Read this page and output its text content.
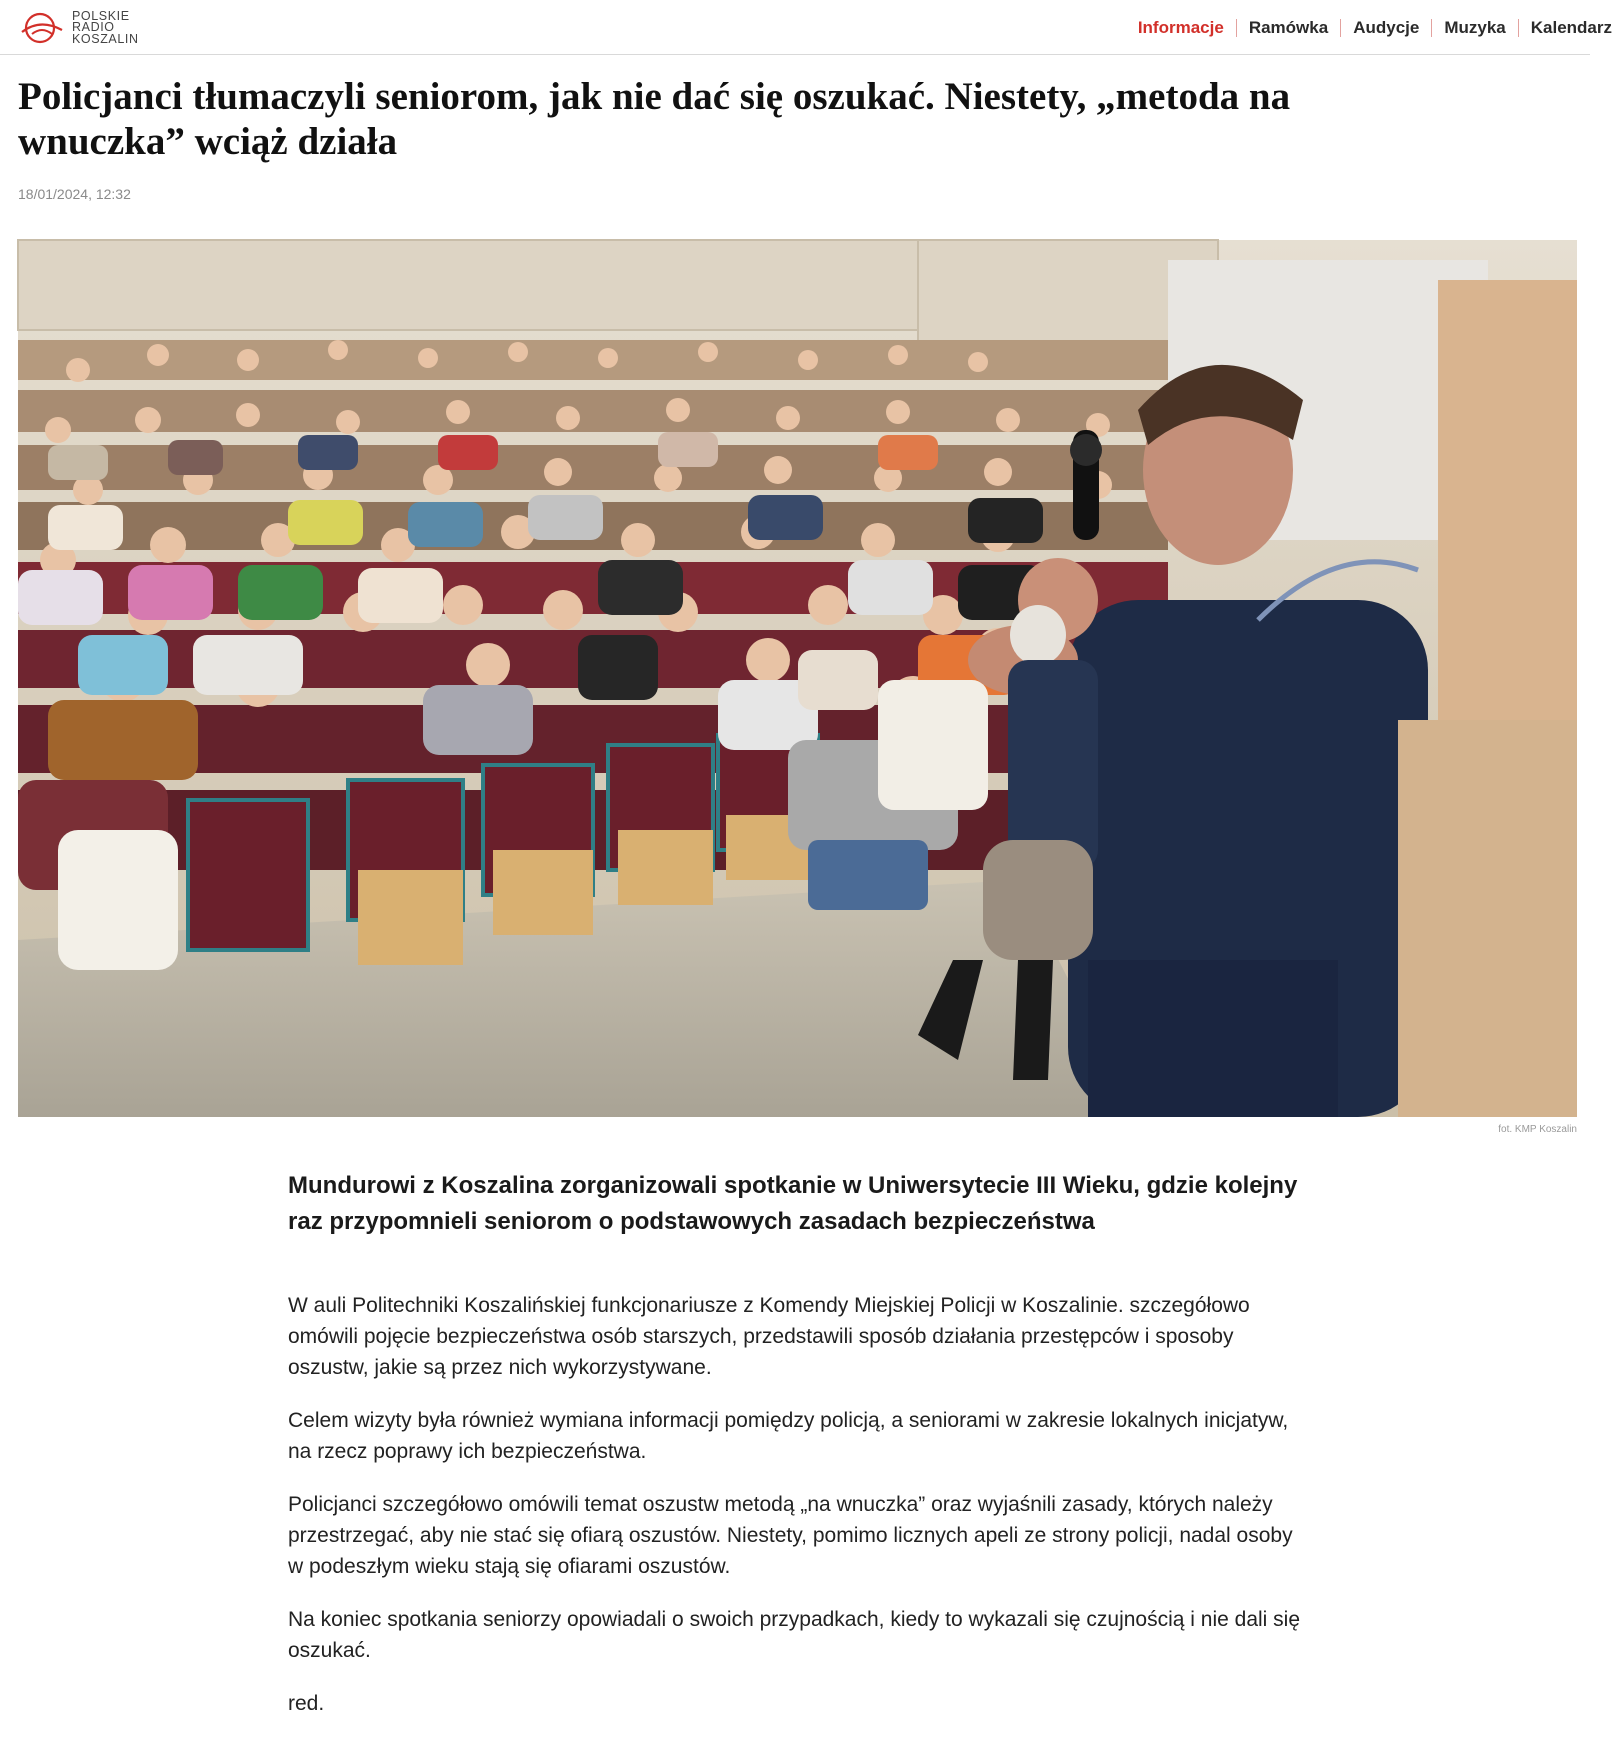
POLSKIE
RADIO
KOSZALIN
Informacje	Ramówka	Audycje	Muzyka	Kalendarz
Policjanci tłumaczyli seniorom, jak nie dać się oszukać. Niestety, „metoda na wnuczka” wciąż działa
18/01/2024, 12:32
fot. KMP Koszalin
Mundurowi z Koszalina zorganizowali spotkanie w Uniwersytecie III Wieku, gdzie kolejny raz przypomnieli seniorom o podstawowych zasadach bezpieczeństwa

W auli Politechniki Koszalińskiej funkcjonariusze z Komendy Miejskiej Policji w Koszalinie. szczegółowo omówili pojęcie bezpieczeństwa osób starszych, przedstawili sposób działania przestępców i sposoby oszustw, jakie są przez nich wykorzystywane.

Celem wizyty była również wymiana informacji pomiędzy policją, a seniorami w zakresie lokalnych inicjatyw, na rzecz poprawy ich bezpieczeństwa.

Policjanci szczegółowo omówili temat oszustw metodą „na wnuczka” oraz wyjaśnili zasady, których należy przestrzegać, aby nie stać się ofiarą oszustów. Niestety, pomimo licznych apeli ze strony policji, nadal osoby w podeszłym wieku stają się ofiarami oszustów.

Na koniec spotkania seniorzy opowiadali o swoich przypadkach, kiedy to wykazali się czujnością i nie dali się oszukać.

red.
